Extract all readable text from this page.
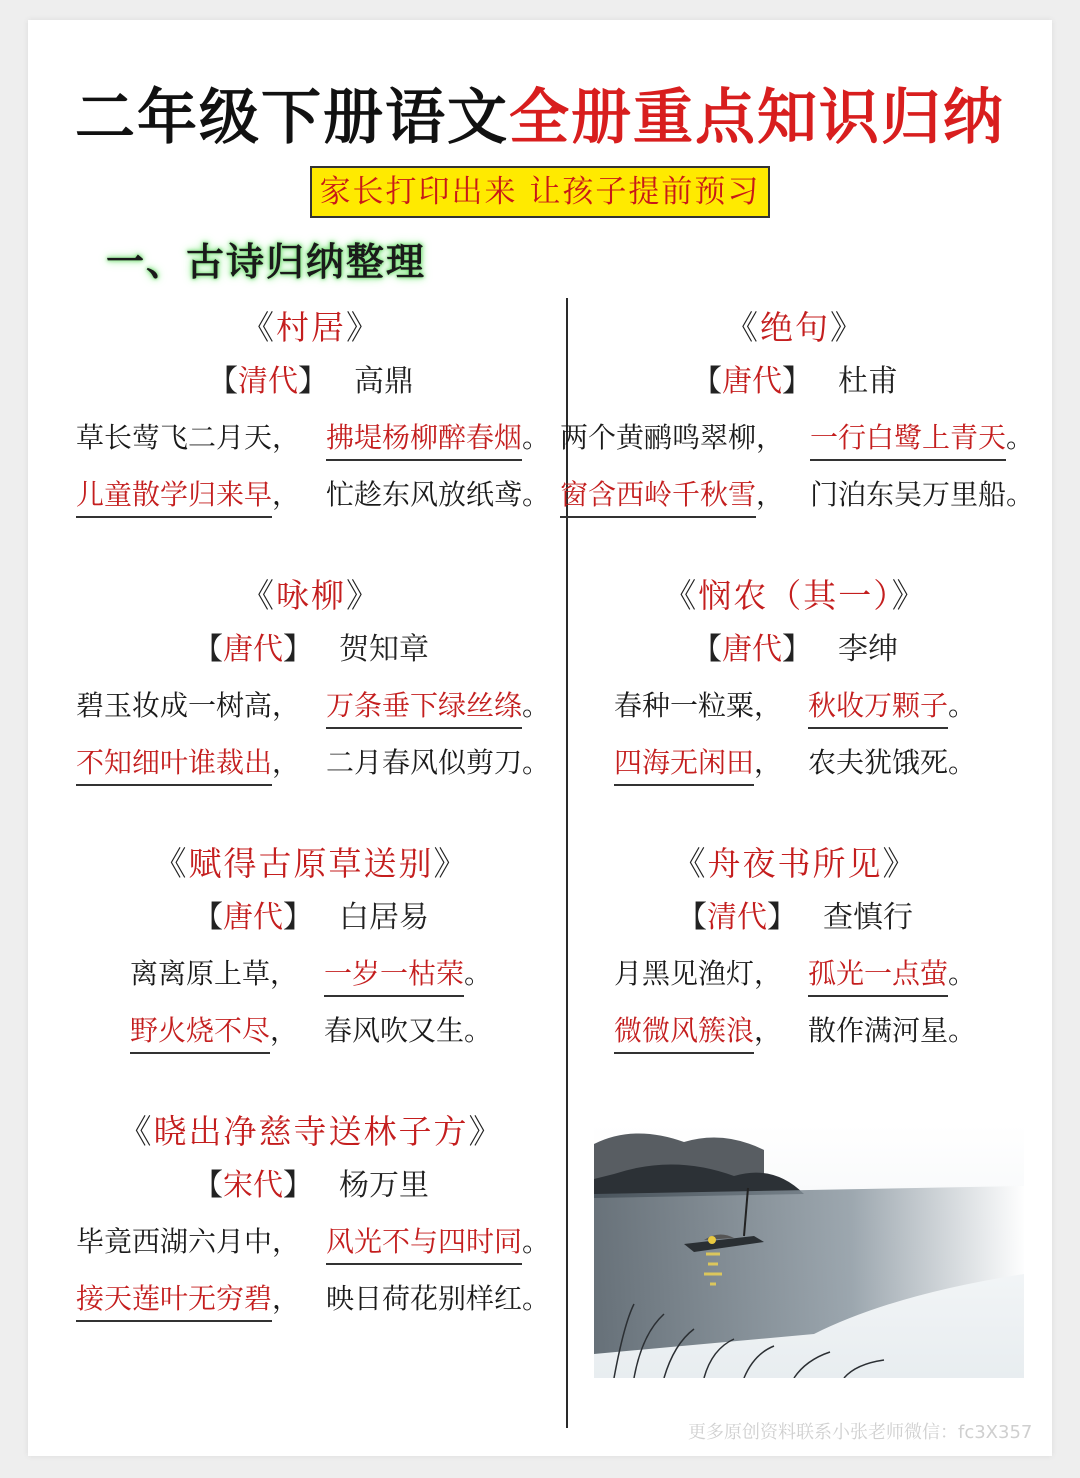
二年级下册语文全册重点知识归纳
家长打印出来 让孩子提前预习
一、古诗归纳整理
《村居》
【清代】 高鼎
草长莺飞二月天， 拂堤杨柳醉春烟。
儿童散学归来早， 忙趁东风放纸鸢。
《绝句》
【唐代】 杜甫
两个黄鹂鸣翠柳， 一行白鹭上青天。
窗含西岭千秋雪， 门泊东吴万里船。
《咏柳》
【唐代】 贺知章
碧玉妆成一树高， 万条垂下绿丝绦。
不知细叶谁裁出， 二月春风似剪刀。
《悯农（其一）》
【唐代】 李绅
春种一粒粟， 秋收万颗子。
四海无闲田， 农夫犹饿死。
《赋得古原草送别》
【唐代】 白居易
离离原上草， 一岁一枯荣。
野火烧不尽， 春风吹又生。
《舟夜书所见》
【清代】 查慎行
月黑见渔灯， 孤光一点萤。
微微风簇浪， 散作满河星。
《晓出净慈寺送林子方》
【宋代】 杨万里
毕竟西湖六月中， 风光不与四时同。
接天莲叶无穷碧， 映日荷花别样红。
更多原创资料联系小张老师微信：fc3X357
